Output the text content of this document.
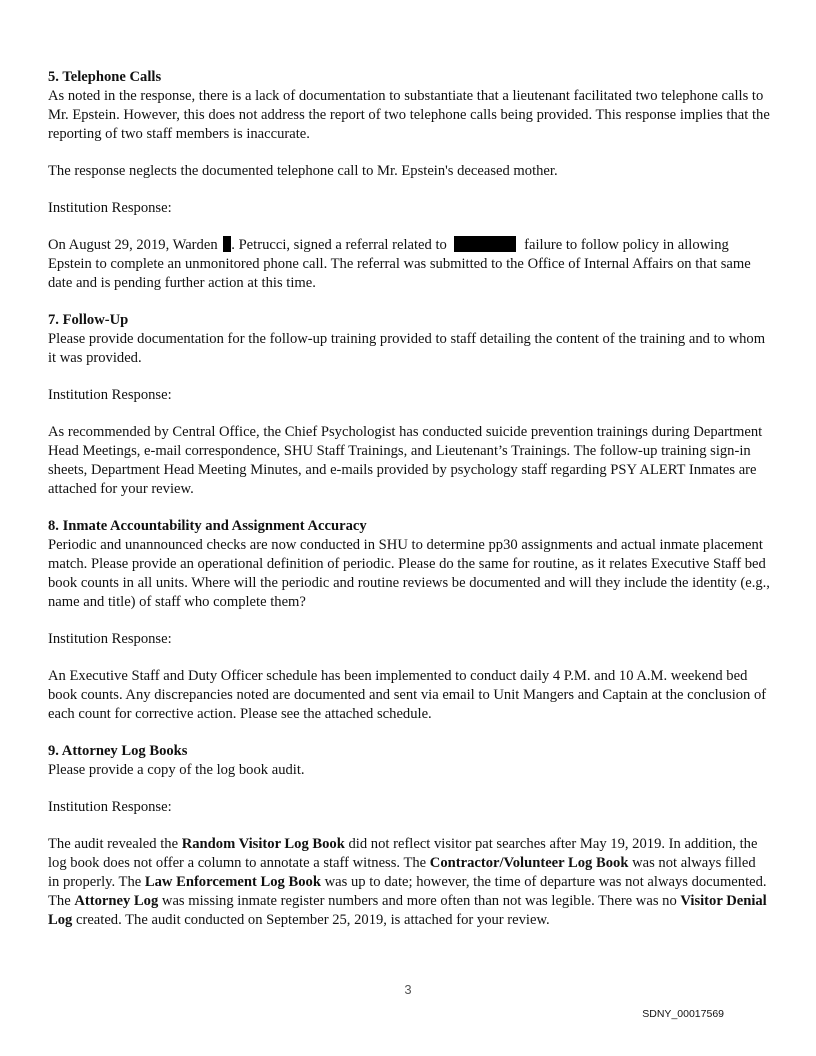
5. Telephone Calls

As noted in the response, there is a lack of documentation to substantiate that a lieutenant facilitated two telephone calls to Mr. Epstein. However, this does not address the report of two telephone calls being provided. This response implies that the reporting of two staff members is inaccurate.

The response neglects the documented telephone call to Mr. Epstein's deceased mother.

Institution Response:

On August 29, 2019, Warden . Petrucci, signed a referral related to	failure to follow policy in allowing Epstein to complete an unmonitored phone call. The referral was submitted to the Office of Internal Affairs on that same date and is pending further action at this time.

7. Follow-Up

Please provide documentation for the follow-up training provided to staff detailing the content of the training and to whom it was provided.

Institution Response:

As recommended by Central Office, the Chief Psychologist has conducted suicide prevention trainings during Department Head Meetings, e-mail correspondence, SHU Staff Trainings, and Lieutenant’s Trainings. The follow-up training sign-in sheets, Department Head Meeting Minutes, and e-mails provided by psychology staff regarding PSY ALERT Inmates are attached for your review.

8. Inmate Accountability and Assignment Accuracy

Periodic and unannounced checks are now conducted in SHU to determine pp30 assignments and actual inmate placement match. Please provide an operational definition of periodic. Please do the same for routine, as it relates Executive Staff bed book counts in all units. Where will the periodic and routine reviews be documented and will they include the identity (e.g., name and title) of staff who complete them?

Institution Response:

An Executive Staff and Duty Officer schedule has been implemented to conduct daily 4 P.M. and 10 A.M. weekend bed book counts. Any discrepancies noted are documented and sent via email to Unit Mangers and Captain at the conclusion of each count for corrective action. Please see the attached schedule.

9. Attorney Log Books

Please provide a copy of the log book audit.

Institution Response:

The audit revealed the Random Visitor Log Book did not reflect visitor pat searches after May 19, 2019. In addition, the log book does not offer a column to annotate a staff witness. The Contractor/Volunteer Log Book was not always filled in properly. The Law Enforcement Log Book was up to date; however, the time of departure was not always documented. The Attorney Log was missing inmate register numbers and more often than not was legible. There was no Visitor Denial Log created. The audit conducted on September 25, 2019, is attached for your review.

3
SDNY_00017569
